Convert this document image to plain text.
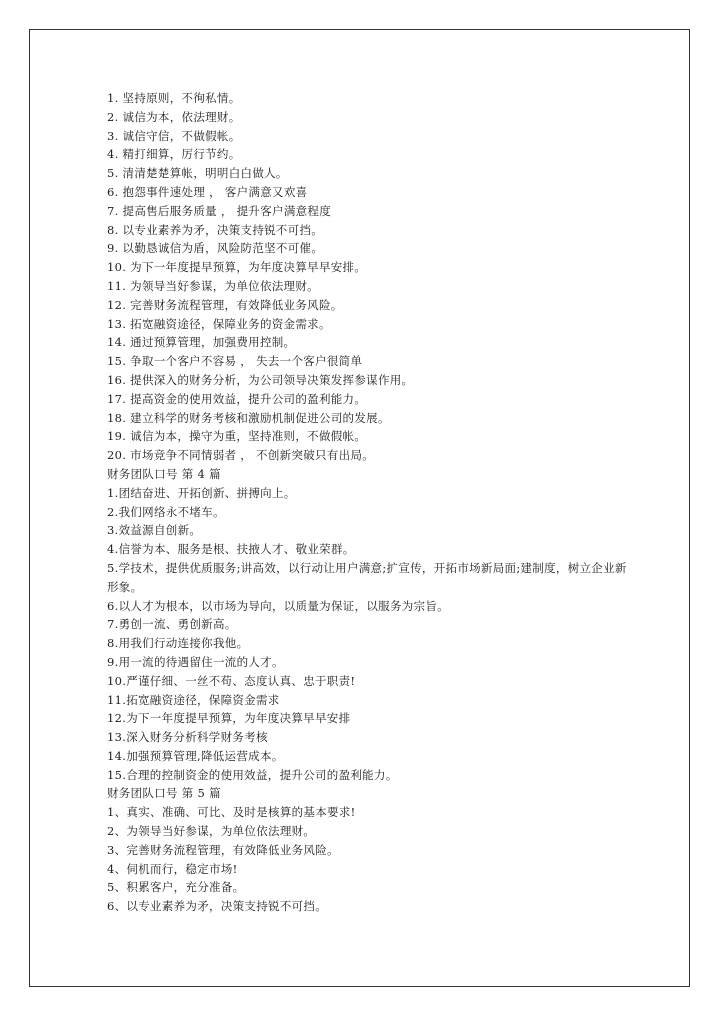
1. 坚持原则，不徇私情。
2. 诚信为本，依法理财。
3. 诚信守信，不做假帐。
4. 精打细算，厉行节约。
5. 清清楚楚算帐，明明白白做人。
6. 抱怨事件速处理 ， 客户满意又欢喜
7. 提高售后服务质量 ， 提升客户满意程度
8. 以专业素养为矛，决策支持锐不可挡。
9. 以勤恳诚信为盾，风险防范坚不可催。
10. 为下一年度提早预算，为年度决算早早安排。
11. 为领导当好参谋，为单位依法理财。
12. 完善财务流程管理，有效降低业务风险。
13. 拓宽融资途径，保障业务的资金需求。
14. 通过预算管理，加强费用控制。
15. 争取一个客户不容易 ， 失去一个客户很简单
16. 提供深入的财务分析，为公司领导决策发挥参谋作用。
17. 提高资金的使用效益，提升公司的盈利能力。
18. 建立科学的财务考核和激励机制促进公司的发展。
19. 诚信为本，操守为重，坚持准则，不做假帐。
20. 市场竞争不同情弱者 ， 不创新突破只有出局。
财务团队口号 第 4 篇
1.团结奋进、开拓创新、拼搏向上。
2.我们网络永不堵车。
3.效益源自创新。
4.信誉为本、服务是根、扶掖人才、敬业荣群。
5.学技术，提供优质服务;讲高效，以行动让用户满意;扩宣传，开拓市场新局面;建制度，树立企业新形象。
6.以人才为根本，以市场为导向，以质量为保证，以服务为宗旨。
7.勇创一流、勇创新高。
8.用我们行动连接你我他。
9.用一流的待遇留住一流的人才。
10.严谨仔细、一丝不苟、态度认真、忠于职责!
11.拓宽融资途径，保障资金需求
12.为下一年度提早预算，为年度决算早早安排
13.深入财务分析科学财务考核
14.加强预算管理,降低运营成本。
15.合理的控制资金的使用效益，提升公司的盈利能力。
财务团队口号 第 5 篇
1、真实、准确、可比、及时是核算的基本要求!
2、为领导当好参谋，为单位依法理财。
3、完善财务流程管理，有效降低业务风险。
4、伺机而行，稳定市场!
5、积累客户，充分准备。
6、以专业素养为矛，决策支持锐不可挡。
